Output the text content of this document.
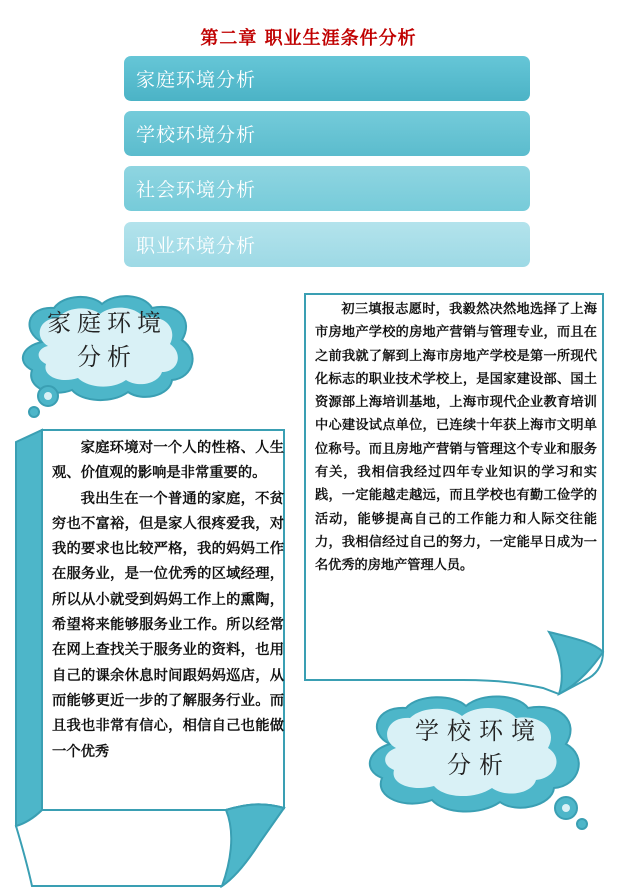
第二章 职业生涯条件分析
家庭环境分析
学校环境分析
社会环境分析
职业环境分析
家庭环境
分析

初三填报志愿时，我毅然决然地选择了上海市房地产学校的房地产营销与管理专业，而且在之前我就了解到上海市房地产学校是第一所现代化标志的职业技术学校上，是国家建设部、国土资源部上海培训基地，上海市现代企业教育培训中心建设试点单位，已连续十年获上海市文明单位称号。而且房地产营销与管理这个专业和服务有关，我相信我经过四年专业知识的学习和实践，一定能越走越远，而且学校也有勤工俭学的活动，能够提高自己的工作能力和人际交往能力，我相信经过自己的努力，一定能早日成为一名优秀的房地产管理人员。

家庭环境对一个人的性格、人生观、价值观的影响是非常重要的。

我出生在一个普通的家庭，不贫穷也不富裕，但是家人很疼爱我，对我的要求也比较严格，我的妈妈工作在服务业，是一位优秀的区域经理，所以从小就受到妈妈工作上的熏陶，希望将来能够服务业工作。所以经常在网上查找关于服务业的资料，也用自己的课余休息时间跟妈妈巡店，从而能够更近一步的了解服务行业。而且我也非常有信心，相信自己也能做一个优秀

学校环境
分析
